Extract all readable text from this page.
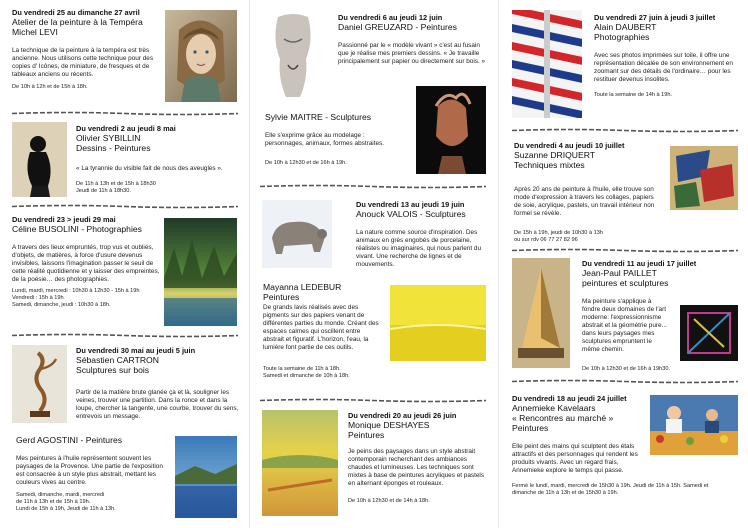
Du vendredi 25 au dimanche 27 avril
Atelier de la peinture à la Tempéra
Michel LEVI
La technique de la peinture à la tempéra est très ancienne. Nous utilisons cette technique pour des copies d' Icônes, de miniature, de fresques et de tableaux anciens ou récents.
De 10h à 12h et de 15h à 18h.
Du vendredi 2 au jeudi 8 mai
Olivier SYBILLIN
Dessins - Peintures
« La tyrannie du visible fait de nous des aveugles ».
De 11h à 13h et de 15h à 18h30
Jeudi de 11h à 18h30.
Du vendredi 23 > jeudi 29 mai
Céline BUSOLINI - Photographies
A travers des lieux empruntés, trop vus et oubliés, d'objets, de matières, à force d'usure devenus invisibles, laissons l'imagination passer le seuil de cette réalité quotidienne et y laisser des empreintes, de la poésie… des photographies.
Lundi, mardi, mercredi : 10h30 à 12h30 - 15h à 19h
Vendredi : 15h à 19h
Samedi, dimanche, jeudi : 10h30 à 18h.
Du vendredi 30 mai au jeudi 5 juin
Sébastien CARTRON
Sculptures sur bois
Partir de la matière brute glanée ça et là, souligner les veines, trouver une partition. Dans la ronce et dans la loupe, chercher la tangente, une courbe, trouver du sens, entrevois un message.
Gerd AGOSTINI - Peintures
Mes peintures à l'huile représentent souvent les paysages de la Provence. Une partie de l'exposition est consacrée à un style plus abstrait, mettant les couleurs vives au centre.
Samedi, dimanche, mardi, mercredi
de 11h à 13h et de 15h à 19h.
Lundi de 15h à 19h, Jeudi de 11h à 13h.
Du vendredi 6 au jeudi 12 juin
Daniel GREUZARD - Peintures
Passionné par le « modèle vivant » c'est au fusain que je réalise mes premiers dessins. « Je travaille principalement sur papier ou directement sur bois. »
Sylvie MAITRE - Sculptures
Elle s'exprime grâce au modelage : personnages, animaux, formes abstraites.
De 10h à 12h30 et de 16h à 19h.
Du vendredi 13 au jeudi 19 juin
Anouck VALOIS - Sculptures
La nature comme source d'inspiration. Des animaux en grès engobés de porcelaine, réalistes ou imaginaires, qui nous parlent du vivant. Une recherche de lignes et de mouvements.
Mayanna LEDEBUR
Peintures
De grands lavis réalisés avec des pigments sur des papiers venant de différentes parties du monde. Créant des espaces calmes qui oscillent entre abstrait et figuratif. L'horizon, l'eau, la lumière font partie de ces outils.
Toute la semaine de 11h à 18h.
Samedi et dimanche de 10h à 18h.
Du vendredi 20 au jeudi 26 juin
Monique DESHAYES
Peintures
Je peins des paysages dans un style abstrait contemporain recherchant des ambiances chaudes et lumineuses. Les techniques sont mixtes à base de peintures acryliques et pastels en alternant éponges et rouleaux.
De 10h à 12h30 et de 14h à 18h.
Du vendredi 27 juin à jeudi 3 juillet
Alain DAUBERT
Photographies
Avec ses photos imprimées sur toile, il offre une représentation décalée de son environnement en zoomant sur des détails de l'ordinaire… pour les restituer devenus insolites.
Toute la semaine de 14h à 19h.
Du vendredi 4 au jeudi 10 juillet
Suzanne DRIQUERT
Techniques mixtes
Après 20 ans de peinture à l'huile, elle trouve son mode d'expression à travers les collages, papiers de soie, acrylique, pastels, un travail intérieur non formel se révèle.
De 15h à 19h, jeudi de 10h30 à 13h
ou sur rdv 06 77 27 82 96
Du vendredi 11 au jeudi 17 juillet
Jean-Paul PAILLET
peintures et sculptures
Ma peinture s'applique à fondre deux domaines de l'art moderne: l'expressionnisme abstrait et la géométrie pure... dans leurs paysages mes sculptures empruntent le même chemin.
De 10h à 12h30 et de 16h à 19h30.
Du vendredi 18 au jeudi 24 juillet
Annemieke Kavelaars
« Rencontres au marché »
Peintures
Elle peint des mains qui sculptent des étals attractifs et des personnages qui rendent les produits vivants. Avec un regard frais, Annemieke explore le temps qui passe.
Fermé le lundi, mardi, mercredi de 15h30 à 19h. Jeudi de 11h à 15h. Samedi et dimanche de 11h à 13h et de 15h30 à 19h.
